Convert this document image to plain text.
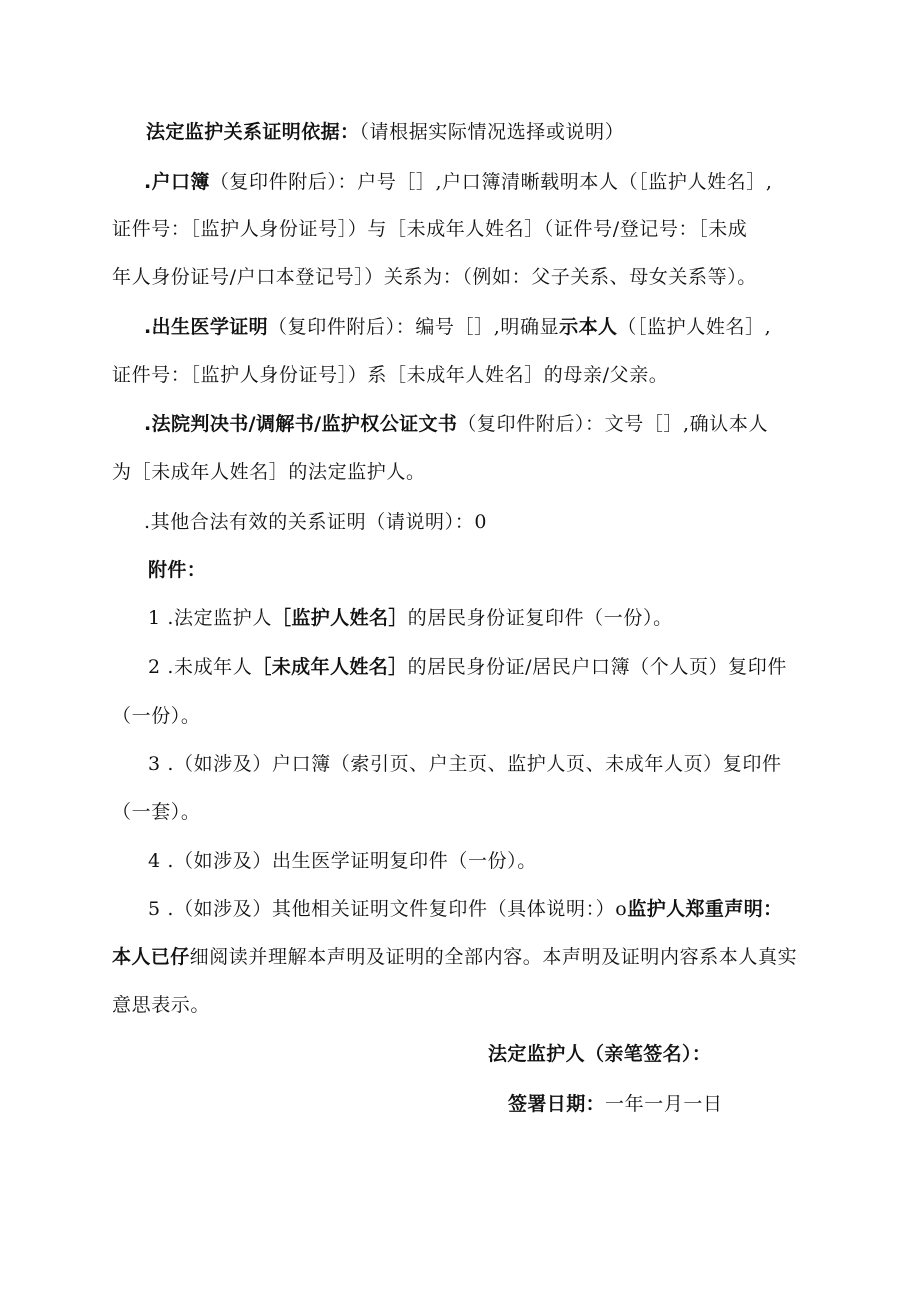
法定监护关系证明依据：（请根据实际情况选择或说明）
.户口簿（复印件附后）：户号［］,户口簿清晰载明本人（［监护人姓名］,
证件号：［监护人身份证号］）与［未成年人姓名］（证件号/登记号：［未成
年人身份证号/户口本登记号］）关系为：（例如：父子关系、母女关系等）。
.出生医学证明（复印件附后）：编号［］,明确显示本人（［监护人姓名］,
证件号：［监护人身份证号］）系［未成年人姓名］的母亲/父亲。
.法院判决书/调解书/监护权公证文书（复印件附后）：文号［］,确认本人
为［未成年人姓名］的法定监护人。
.其他合法有效的关系证明（请说明）：0
附件：
1 .法定监护人［监护人姓名］的居民身份证复印件（一份）。
2 .未成年人［未成年人姓名］的居民身份证/居民户口簿（个人页）复印件
（一份）。
3 .（如涉及）户口簿（索引页、户主页、监护人页、未成年人页）复印件
（一套）。
4 .（如涉及）出生医学证明复印件（一份）。
5 .（如涉及）其他相关证明文件复印件（具体说明：）o监护人郑重声明：
本人已仔细阅读并理解本声明及证明的全部内容。本声明及证明内容系本人真实
意思表示。
法定监护人（亲笔签名）：
签署日期：一年一月一日
